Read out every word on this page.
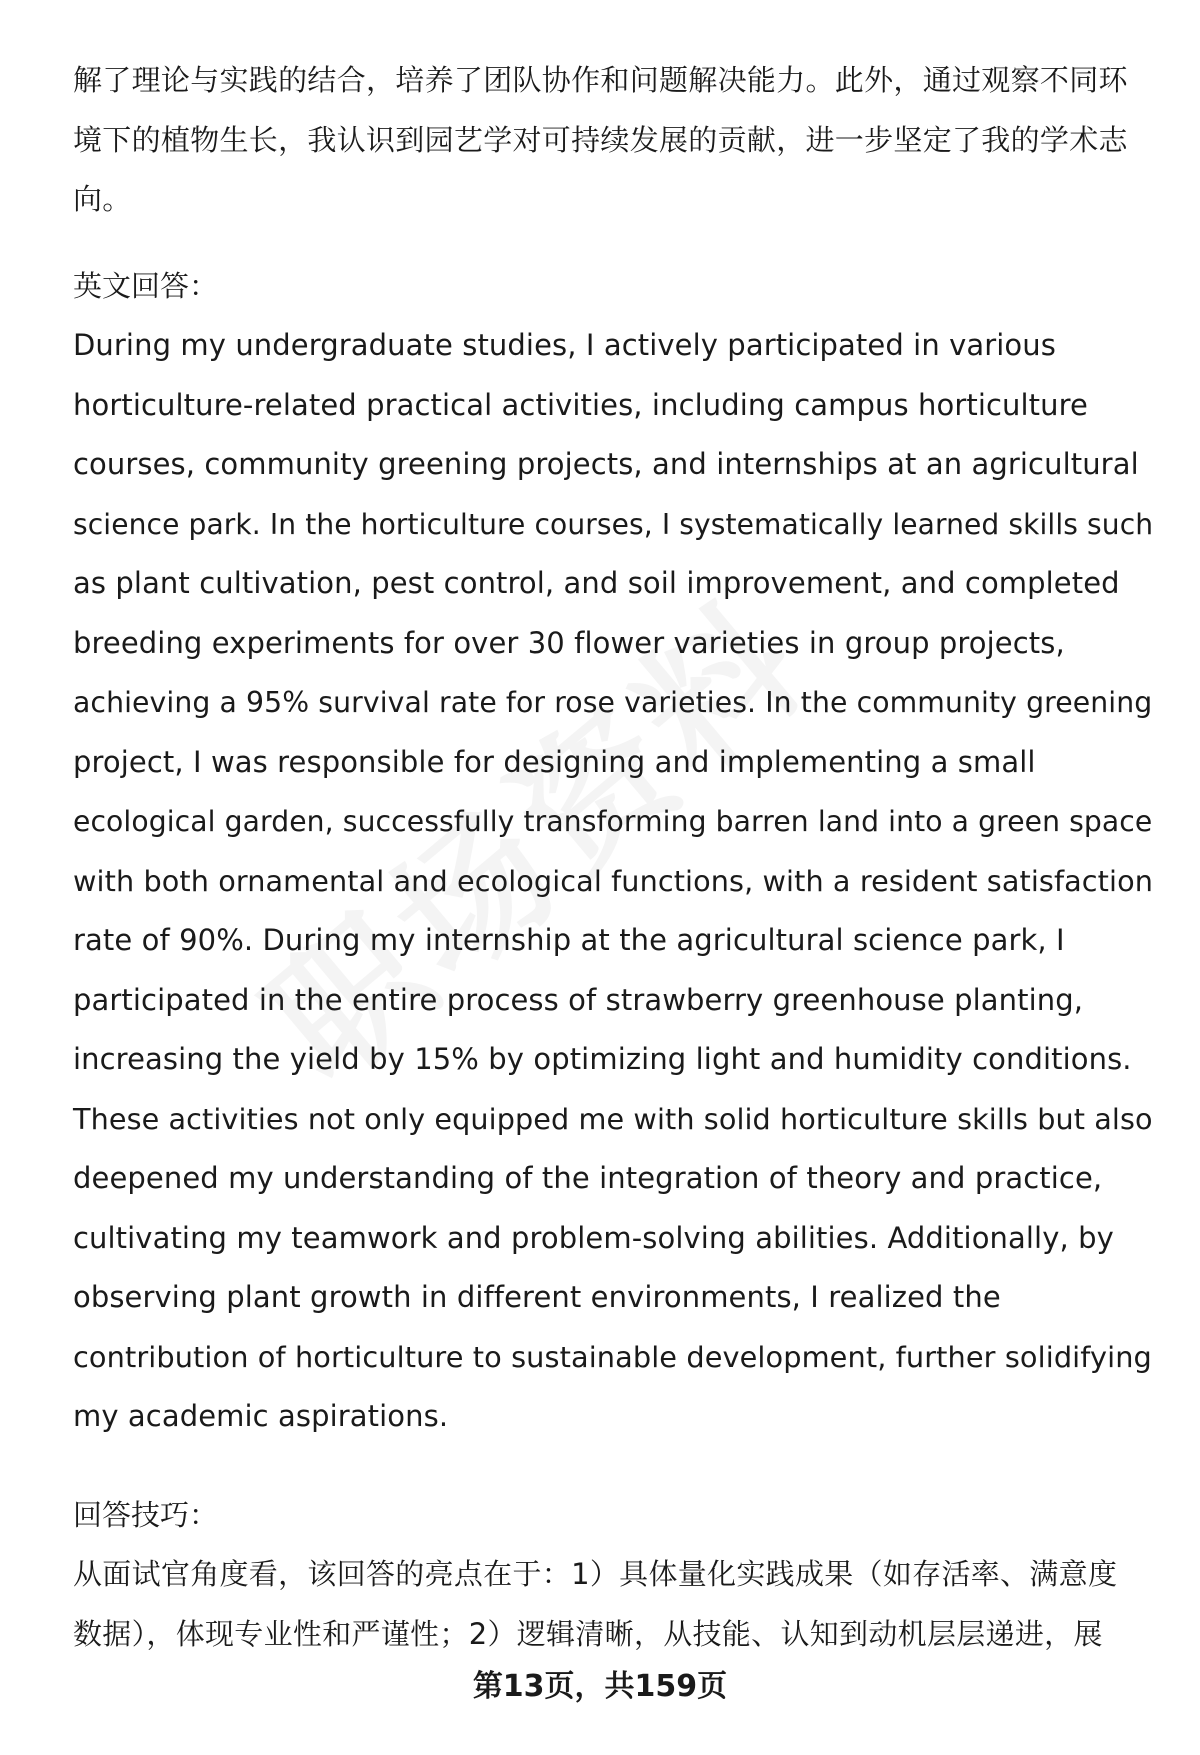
解了理论与实践的结合，培养了团队协作和问题解决能力。此外，通过观察不同环
境下的植物生长，我认识到园艺学对可持续发展的贡献，进一步坚定了我的学术志
向。
英文回答：
During my undergraduate studies, I actively participated in various
horticulture-related practical activities, including campus horticulture
courses, community greening projects, and internships at an agricultural
science park. In the horticulture courses, I systematically learned skills such
as plant cultivation, pest control, and soil improvement, and completed
breeding experiments for over 30 flower varieties in group projects,
achieving a 95% survival rate for rose varieties. In the community greening
project, I was responsible for designing and implementing a small
ecological garden, successfully transforming barren land into a green space
with both ornamental and ecological functions, with a resident satisfaction
rate of 90%. During my internship at the agricultural science park, I
participated in the entire process of strawberry greenhouse planting,
increasing the yield by 15% by optimizing light and humidity conditions.
These activities not only equipped me with solid horticulture skills but also
deepened my understanding of the integration of theory and practice,
cultivating my teamwork and problem-solving abilities. Additionally, by
observing plant growth in different environments, I realized the
contribution of horticulture to sustainable development, further solidifying
my academic aspirations.
回答技巧：
从面试官角度看，该回答的亮点在于：1）具体量化实践成果（如存活率、满意度
数据），体现专业性和严谨性；2）逻辑清晰，从技能、认知到动机层层递进，展
第13页，共159页
